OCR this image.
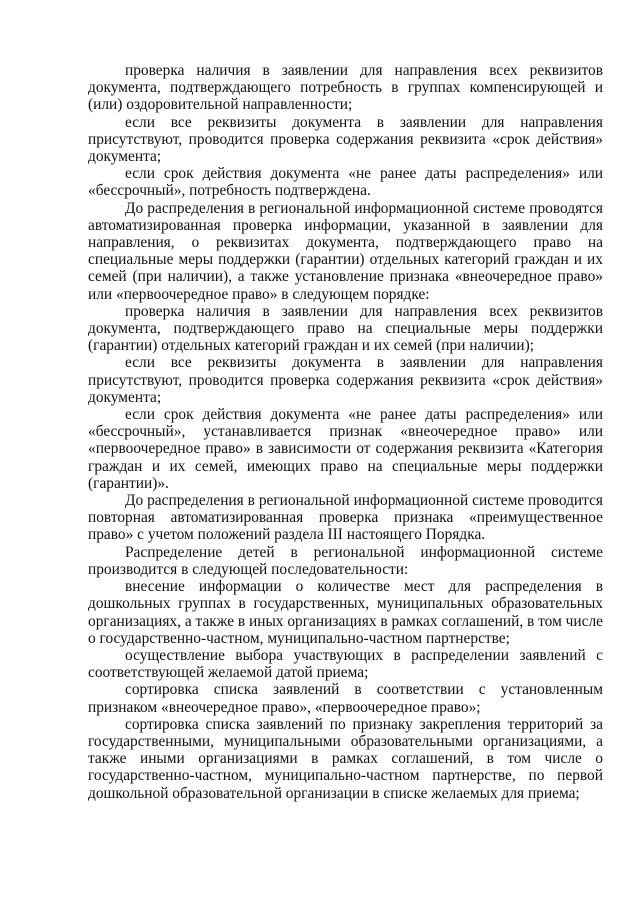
проверка наличия в заявлении для направления всех реквизитов документа, подтверждающего потребность в группах компенсирующей и (или) оздоровительной направленности;

если все реквизиты документа в заявлении для направления присутствуют, проводится проверка содержания реквизита «срок действия» документа;

если срок действия документа «не ранее даты распределения» или «бессрочный», потребность подтверждена.

До распределения в региональной информационной системе проводятся автоматизированная проверка информации, указанной в заявлении для направления, о реквизитах документа, подтверждающего право на специальные меры поддержки (гарантии) отдельных категорий граждан и их семей (при наличии), а также установление признака «внеочередное право» или «первоочередное право» в следующем порядке:

проверка наличия в заявлении для направления всех реквизитов документа, подтверждающего право на специальные меры поддержки (гарантии) отдельных категорий граждан и их семей (при наличии);

если все реквизиты документа в заявлении для направления присутствуют, проводится проверка содержания реквизита «срок действия» документа;

если срок действия документа «не ранее даты распределения» или «бессрочный», устанавливается признак «внеочередное право» или «первоочередное право» в зависимости от содержания реквизита «Категория граждан и их семей, имеющих право на специальные меры поддержки (гарантии)».

До распределения в региональной информационной системе проводится повторная автоматизированная проверка признака «преимущественное право» с учетом положений раздела III настоящего Порядка.

Распределение детей в региональной информационной системе производится в следующей последовательности:

внесение информации о количестве мест для распределения в дошкольных группах в государственных, муниципальных образовательных организациях, а также в иных организациях в рамках соглашений, в том числе о государственно-частном, муниципально-частном партнерстве;

осуществление выбора участвующих в распределении заявлений с соответствующей желаемой датой приема;

сортировка списка заявлений в соответствии с установленным признаком «внеочередное право», «первоочередное право»;

сортировка списка заявлений по признаку закрепления территорий за государственными, муниципальными образовательными организациями, а также иными организациями в рамках соглашений, в том числе о государственно-частном, муниципально-частном партнерстве, по первой дошкольной образовательной организации в списке желаемых для приема;
